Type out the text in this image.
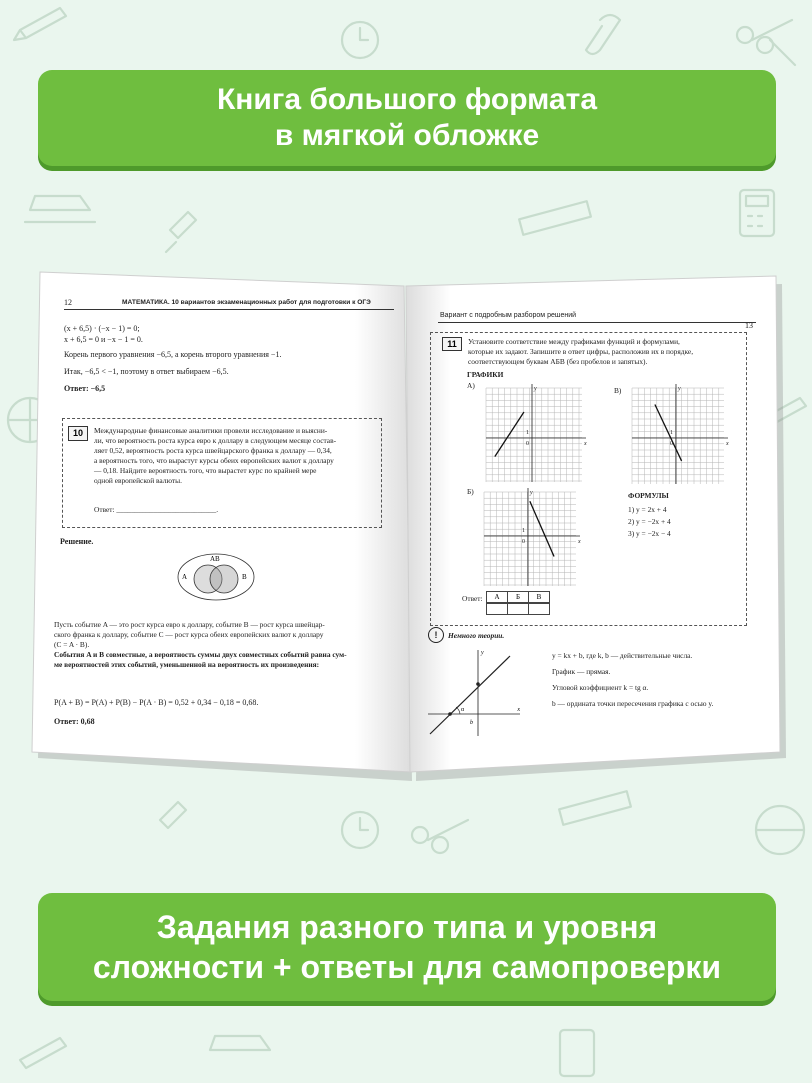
Книга большого формата
в мягкой обложке
12	МАТЕМАТИКА. 10 вариантов экзаменационных работ для подготовки к ОГЭ
(x + 6,5) · (−x − 1) = 0;
x + 6,5 = 0 и −x − 1 = 0.
Корень первого уравнения −6,5, а корень второго уравнения −1.
Итак, −6,5 < −1, поэтому в ответ выбираем −6,5.
Ответ: −6,5
10	Международные финансовые аналитики провели исследование и выясни-
ли, что вероятность роста курса евро к доллару в следующем месяце состав-
ляет 0,52, вероятность роста курса швейцарского франка к доллару — 0,34,
а вероятность того, что вырастут курсы обеих европейских валют к доллару
— 0,18. Найдите вероятность того, что вырастет курс по крайней мере
одной европейской валюты.
Ответ: ___________________________.
Решение.
A
AB
B
Пусть событие A — это рост курса евро к доллару, событие B — рост курса швейцар-
ского франка к доллару, событие C — рост курса обеих европейских валют к доллару
(C = A · B).
События A и B совместные, а вероятность суммы двух совместных событий равна сум-
ме вероятностей этих событий, уменьшенной на вероятность их произведения:
P(A + B) = P(A) + P(B) − P(A · B) = 0,52 + 0,34 − 0,18 = 0,68.
Ответ: 0,68
Вариант с подробным разбором решений
13
11	Установите соответствие между графиками функций и формулами,
которые их задают. Запишите в ответ цифры, расположив их в порядке,
соответствующем буквам АБВ (без пробелов и запятых).
ГРАФИКИ
А)
Б)
В)
0
1
x
y
0
1
x
y
0
1
x
y
ФОРМУЛЫ
1) y = 2x + 4
2) y = −2x + 4
3) y = −2x − 4
Ответ:	А	Б	В
!	Немного теории.
x
y
α
b
y = kx + b, где k, b — действительные числа.
График — прямая.
Угловой коэффициент k = tg α.
b — ордината точки пересечения графика с осью y.
Задания разного типа и уровня
сложности + ответы для самопроверки
